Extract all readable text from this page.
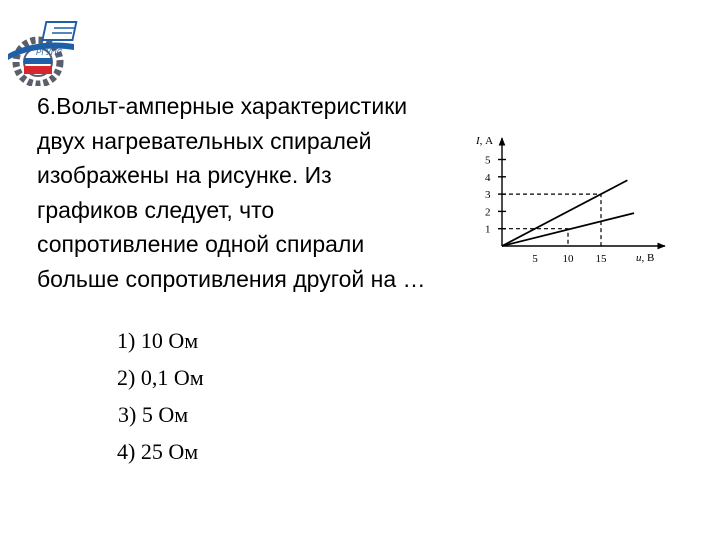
РГУПС

6.Вольт-амперные характеристики
двух нагревательных спиралей
изображены на рисунке. Из
графиков следует, что
сопротивление одной спирали
больше сопротивления другой на …

1
2
3
4
5
5 10 15
I, А
u, В
1) 10 Ом
2) 0,1 Ом
3) 5 Ом
4) 25 Ом
